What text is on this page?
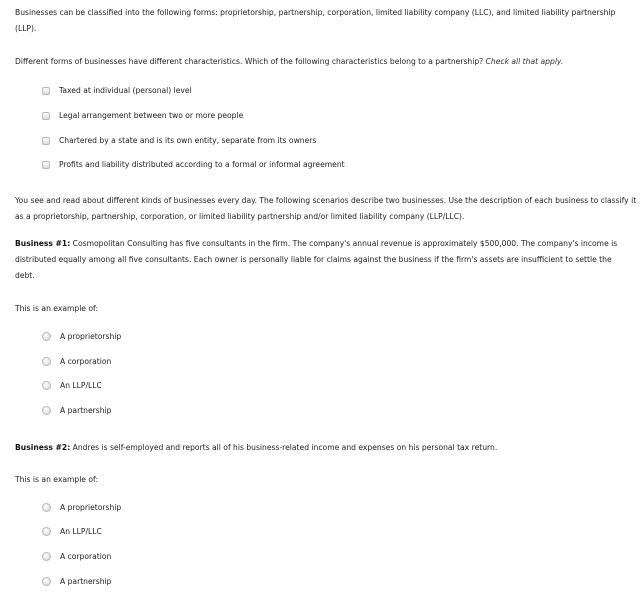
Businesses can be classified into the following forms: proprietorship, partnership, corporation, limited liability company (LLC), and limited liability partnership (LLP).
Different forms of businesses have different characteristics. Which of the following characteristics belong to a partnership? Check all that apply.
Taxed at individual (personal) level
Legal arrangement between two or more people
Chartered by a state and is its own entity, separate from its owners
Profits and liability distributed according to a formal or informal agreement
You see and read about different kinds of businesses every day. The following scenarios describe two businesses. Use the description of each business to classify it as a proprietorship, partnership, corporation, or limited liability partnership and/or limited liability company (LLP/LLC).
Business #1: Cosmopolitan Consulting has five consultants in the firm. The company's annual revenue is approximately $500,000. The company's income is distributed equally among all five consultants. Each owner is personally liable for claims against the business if the firm's assets are insufficient to settle the debt.
This is an example of:
A proprietorship
A corporation
An LLP/LLC
A partnership
Business #2: Andres is self-employed and reports all of his business-related income and expenses on his personal tax return.
This is an example of:
A proprietorship
An LLP/LLC
A corporation
A partnership
